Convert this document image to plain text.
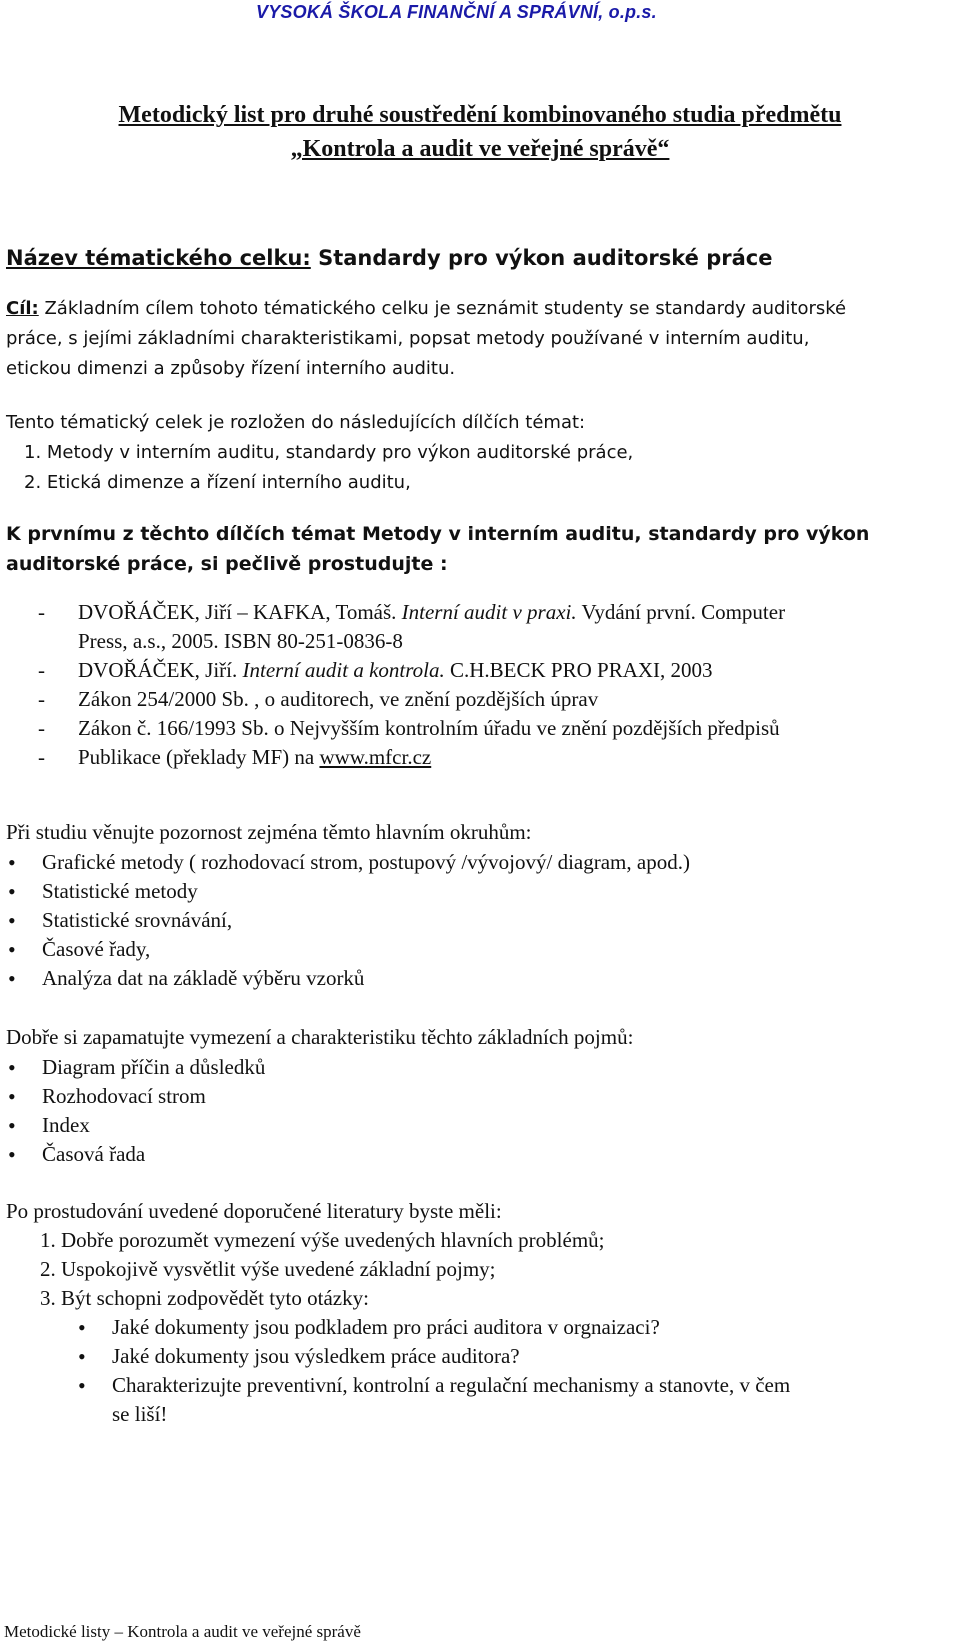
VYSOKÁ ŠKOLA FINANČNÍ A SPRÁVNÍ, o.p.s.
Metodický list pro druhé soustředění kombinovaného studia předmětu
„Kontrola a audit ve veřejné správě“
Název tématického celku: Standardy pro výkon auditorské práce
Cíl: Základním cílem tohoto tématického celku je seznámit studenty se standardy auditorské
práce, s jejími základními charakteristikami, popsat metody používané v interním auditu,
etickou dimenzi a způsoby řízení interního auditu.
Tento tématický celek je rozložen do následujících dílčích témat:
1. Metody v interním auditu, standardy pro výkon auditorské práce,
2. Etická dimenze a řízení interního auditu,
K prvnímu z těchto dílčích témat Metody v interním auditu, standardy pro výkon
auditorské práce, si pečlivě prostudujte :
- DVOŘÁČEK, Jiří – KAFKA, Tomáš. Interní audit v praxi. Vydání první. Computer
Press, a.s., 2005. ISBN 80-251-0836-8
- DVOŘÁČEK, Jiří. Interní audit a kontrola. C.H.BECK PRO PRAXI, 2003
- Zákon 254/2000 Sb. , o auditorech, ve znění pozdějších úprav
- Zákon č. 166/1993 Sb. o Nejvyšším kontrolním úřadu ve znění pozdějších předpisů
- Publikace (překlady MF) na www.mfcr.cz
Při studiu věnujte pozornost zejména těmto hlavním okruhům:
• Grafické metody ( rozhodovací strom, postupový /vývojový/ diagram, apod.)
• Statistické metody
• Statistické srovnávání,
• Časové řady,
• Analýza dat na základě výběru vzorků
Dobře si zapamatujte vymezení a charakteristiku těchto základních pojmů:
• Diagram příčin a důsledků
• Rozhodovací strom
• Index
• Časová řada
Po prostudování uvedené doporučené literatury byste měli:
1. Dobře porozumět vymezení výše uvedených hlavních problémů;
2. Uspokojivě vysvětlit výše uvedené základní pojmy;
3. Být schopni zodpovědět tyto otázky:
• Jaké dokumenty jsou podkladem pro práci auditora v orgnaizaci?
• Jaké dokumenty jsou výsledkem práce auditora?
• Charakterizujte preventivní, kontrolní a regulační mechanismy a stanovte, v čem
se liší!
Metodické listy – Kontrola a audit ve veřejné správě
